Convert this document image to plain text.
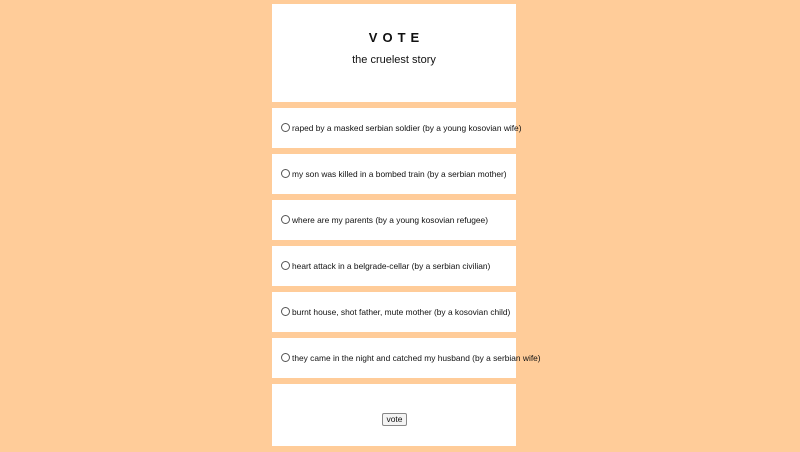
VOTE
the cruelest story
raped by a masked serbian soldier (by a young kosovian wife)
my son was killed in a bombed train (by a serbian mother)
where are my parents (by a young kosovian refugee)
heart attack in a belgrade-cellar (by a serbian civilian)
burnt house, shot father, mute mother (by a kosovian child)
they came in the night and catched my husband (by a serbian wife)
vote
